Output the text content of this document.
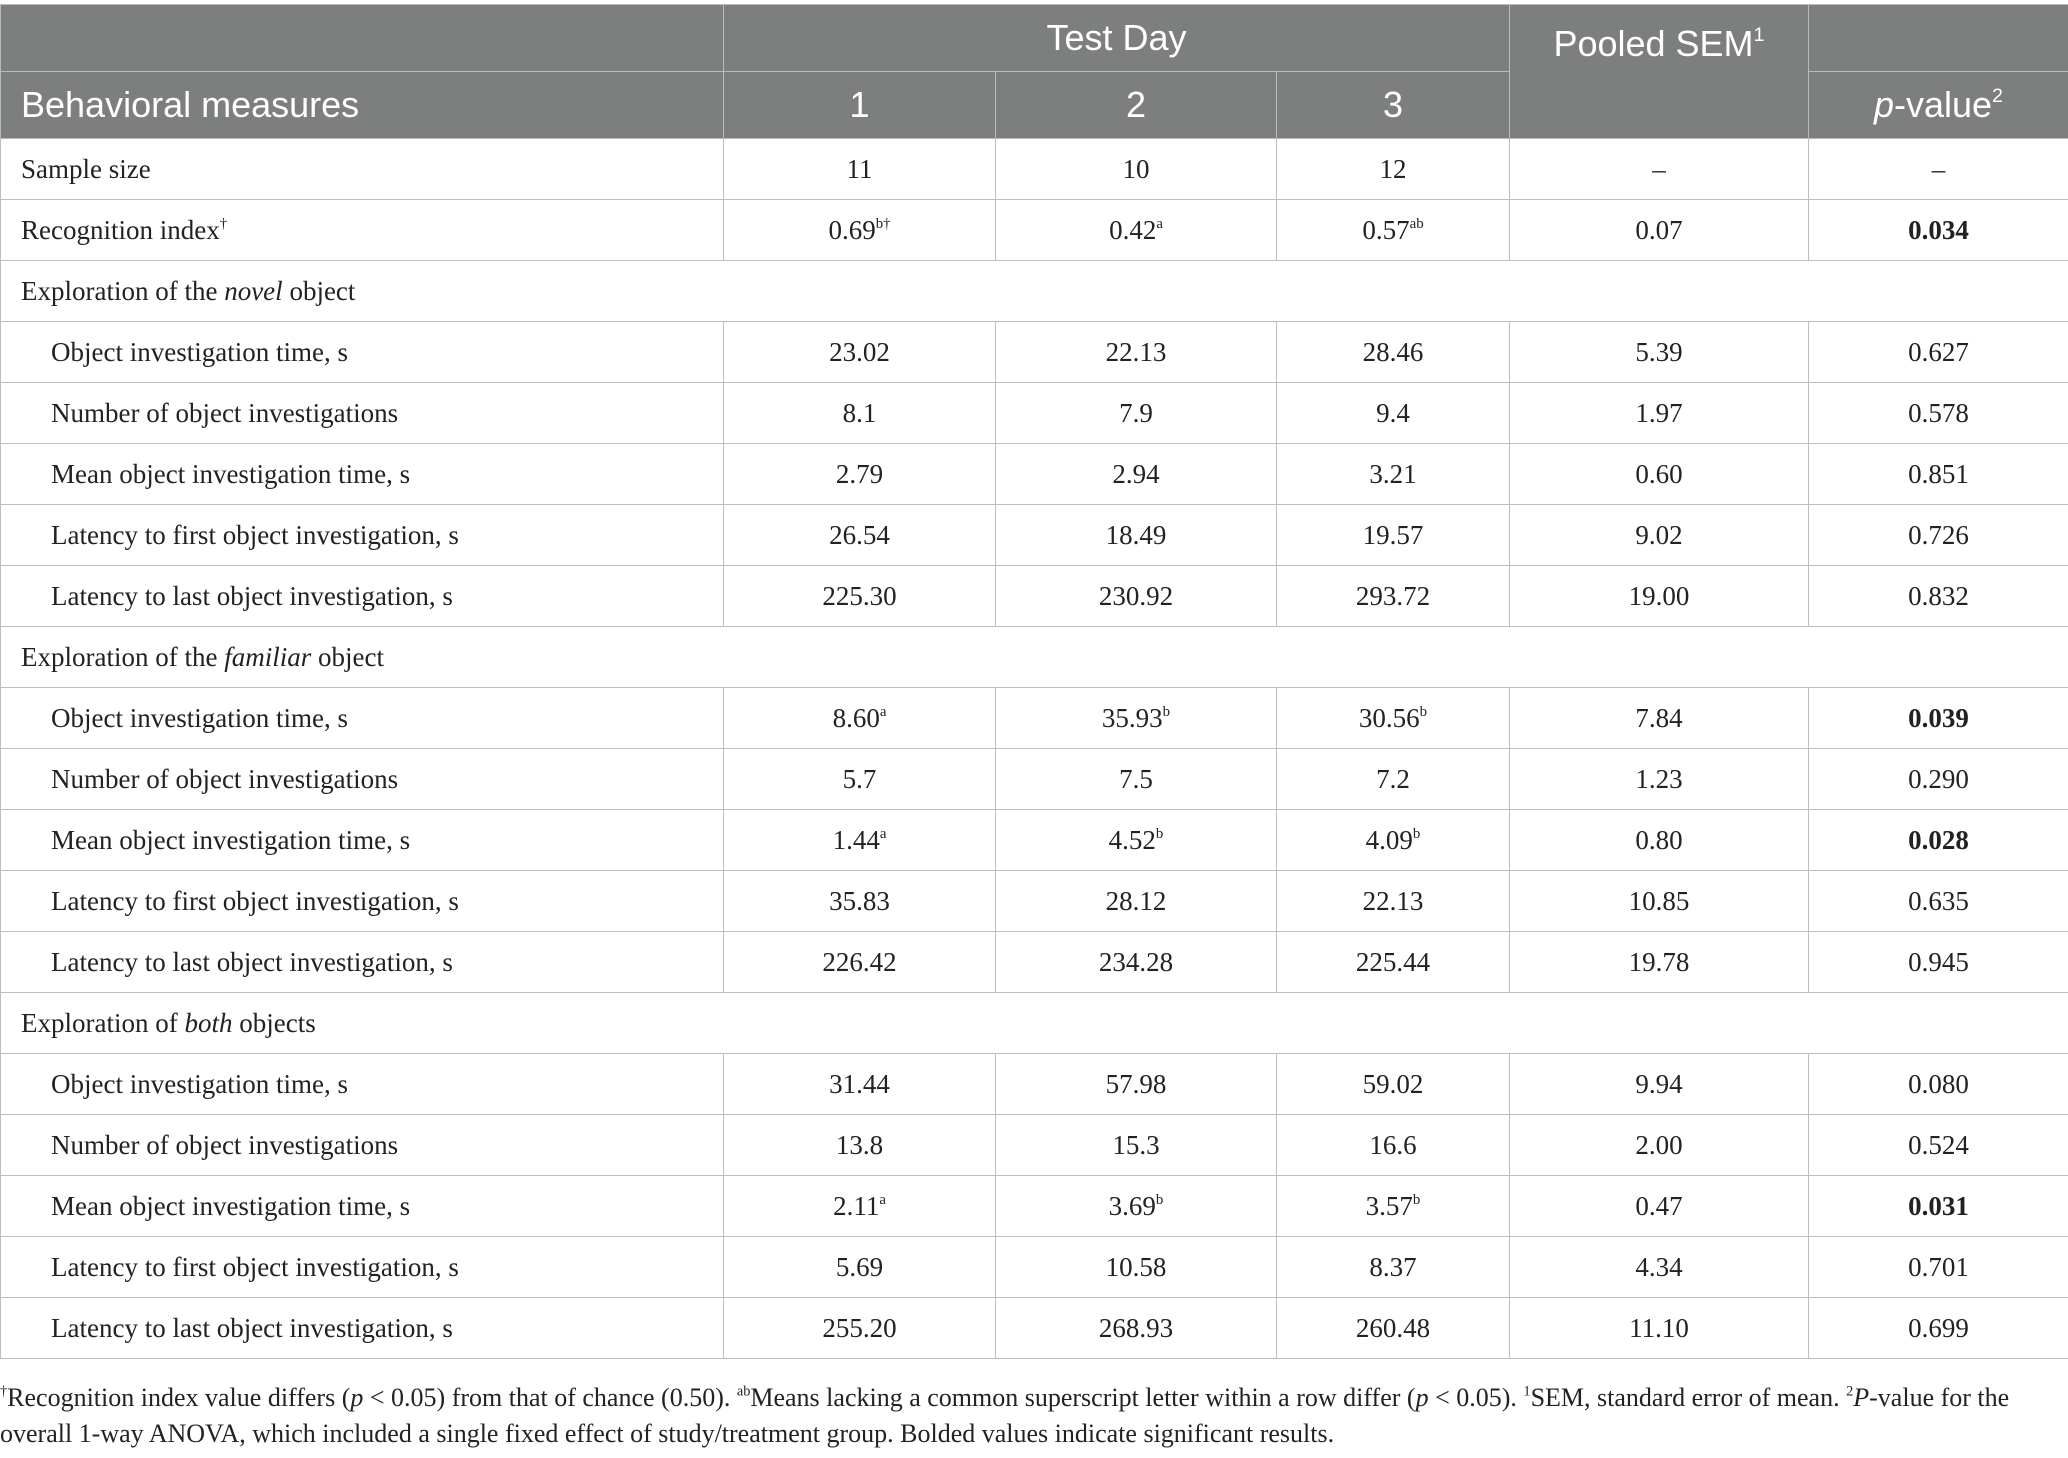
	Test Day			Pooled SEM$^1$	
Behavioral measures	1	2	3		p-value$^2$
Sample size	11	10	12	–	–
Recognition index†	$0.69^{b\dagger}$	0.42$^a$	0.57$^{ab}$	0.07	0.034
Exploration of the novel object					
Object investigation time, s	23.02	22.13	28.46	5.39	0.627
Number of object investigations	8.1	7.9	9.4	1.97	0.578
Mean object investigation time, s	2.79	2.94	3.21	0.60	0.851
Latency to first object investigation, s	26.54	18.49	19.57	9.02	0.726
Latency to last object investigation, s	225.30	230.92	293.72	19.00	0.832
Exploration of the familiar object					
Object investigation time, s	8.60$^a$	35.93$^b$	30.56$^b$	7.84	0.039
Number of object investigations	5.7	7.5	7.2	1.23	0.290
Mean object investigation time, s	1.44$^a$	4.52$^b$	4.09$^b$	0.80	0.028
Latency to first object investigation, s	35.83	28.12	22.13	10.85	0.635
Latency to last object investigation, s	226.42	234.28	225.44	19.78	0.945
Exploration of both objects					
Object investigation time, s	31.44	57.98	59.02	9.94	0.080
Number of object investigations	13.8	15.3	16.6	2.00	0.524
Mean object investigation time, s	2.11$^a$	3.69$^b$	3.57$^b$	0.47	0.031
Latency to first object investigation, s	5.69	10.58	8.37	4.34	0.701
Latency to last object investigation, s	255.20	268.93	260.48	11.10	0.699
†Recognition index value differs (p < 0.05) from that of chance (0.50). $^{ab}$Means lacking a common superscript letter within a row differ (p < 0.05). $^1$SEM, standard error of mean. $^2$P-value for the overall 1-way ANOVA, which included a single fixed effect of study/treatment group. Bolded values indicate significant results.
